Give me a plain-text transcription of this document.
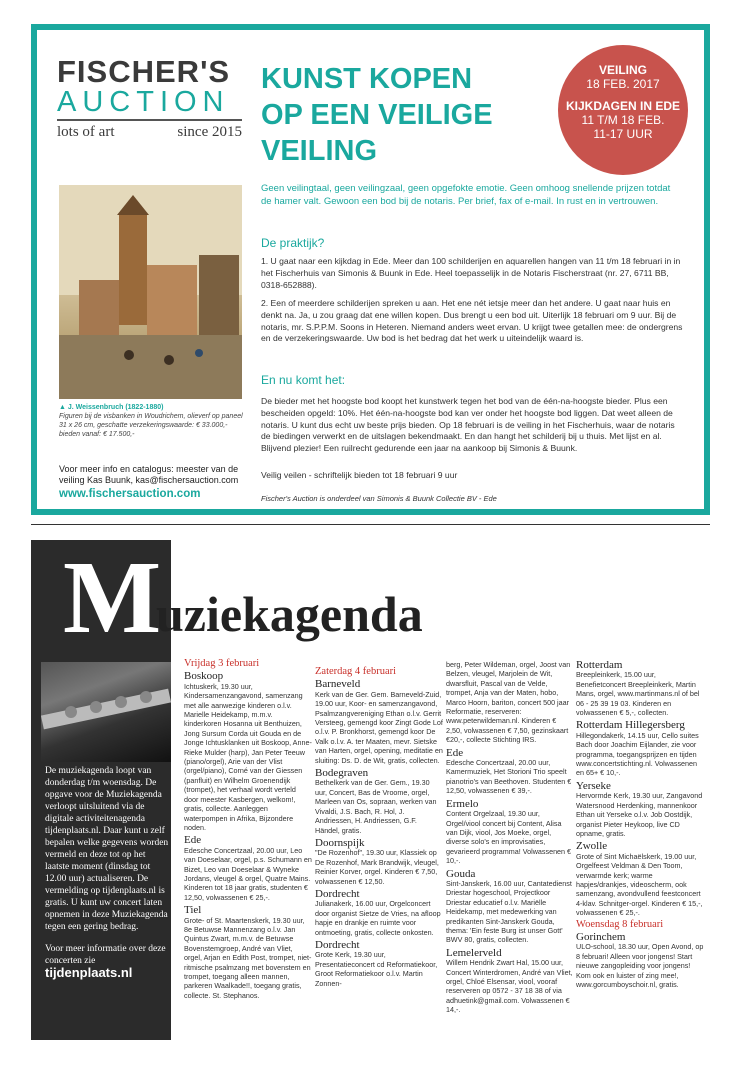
FISCHER'S
AUCTION
lots of art	since 2015
KUNST KOPEN
OP EEN VEILIGE
VEILING
VEILING
18 FEB. 2017
KIJKDAGEN IN EDE
11 T/M 18 FEB.
11-17 UUR
▲ J. Weissenbruch (1822-1880)
Figuren bij de visbanken in Woudrichem, olieverf op paneel 31 x 26 cm, geschatte verzekeringswaarde: € 33.000,- bieden vanaf: € 17.500,-
Voor meer info en catalogus: meester van de veiling Kas Buunk, kas@fischersauction.com
www.fischersauction.com
Geen veilingtaal, geen veilingzaal, geen opgefokte emotie. Geen omhoog snellende prijzen totdat de hamer valt. Gewoon een bod bij de notaris. Per brief, fax of e-mail. In rust en in vertrouwen.
De praktijk?
1. U gaat naar een kijkdag in Ede. Meer dan 100 schilderijen en aquarellen hangen van 11 t/m 18 februari in in het Fischerhuis van Simonis & Buunk in Ede. Heel toepasselijk in de Notaris Fischerstraat (nr. 27, 6711 BB, 0318-652888).
2. Een of meerdere schilderijen spreken u aan. Het ene nét ietsje meer dan het andere. U gaat naar huis en denkt na. Ja, u zou graag dat ene willen kopen. Dus brengt u een bod uit. Uiterlijk 18 februari om 9 uur. Bij de notaris, mr. S.P.P.M. Soons in Heteren. Niemand anders weet ervan. U krijgt twee getallen mee: de ondergrens en de verzekeringswaarde. Uw bod is het bedrag dat het werk u uiteindelijk waard is.
En nu komt het:
De bieder met het hoogste bod koopt het kunstwerk tegen het bod van de één-na-hoogste bieder. Plus een bescheiden opgeld: 10%. Het één-na-hoogste bod kan ver onder het hoogste bod liggen. Dat weet alleen de notaris. U kunt dus echt uw beste prijs bieden. Op 18 februari is de veiling in het Fischerhuis, waar de notaris de biedingen verwerkt en de uitslagen bekendmaakt. En dan hangt het schilderij bij u thuis. Met lijst en al. Blijvend plezier! Een ruilrecht gedurende een jaar na aankoop bij Simonis & Buunk.
Veilig veilen - schriftelijk bieden tot 18 februari 9 uur
Fischer's Auction is onderdeel van Simonis & Buunk Collectie BV - Ede
M
uziekagenda

De muziekagenda loopt van donderdag t/m woensdag. De opgave voor de Muziekagenda verloopt uitsluitend via de digitale activiteitenagenda tijdenplaats.nl. Daar kunt u zelf bepalen welke gegevens worden vermeld en deze tot op het laatste moment (dinsdag tot 12.00 uur) actualiseren. De vermelding op tijdenplaats.nl is gratis. U kunt uw concert laten opnemen in deze Muziekagenda tegen een gering bedrag.

Voor meer informatie over deze concerten zie

tijdenplaats.nl
Vrijdag 3 februari
Boskoop
Ichtuskerk, 19.30 uur, Kindersamenzangavond, samenzang met alle aanwezige kinderen o.l.v. Marielle Heidekamp, m.m.v. kinderkoren Hosanna uit Benthuizen, Jong Sursum Corda uit Gouda en de Jonge Ichtusklanken uit Boskoop, Anne-Rieke Mulder (harp), Jan Peter Teeuw (piano/orgel), Arie van der Vlist (orgel/piano), Corné van der Giessen (panfluit) en Wilhelm Groenendijk (trompet), het verhaal wordt verteld door meester Kasbergen, welkom!, gratis, collecte. Aanleggen waterpompen in Afrika, Bijzondere noden.
Ede
Edesche Concertzaal, 20.00 uur, Leo van Doeselaar, orgel, p.s. Schumann en Bizet, Leo van Doeselaar & Wyneke Jordans, vleugel & orgel, Quatre Mains. Kinderen tot 18 jaar gratis, studenten € 12,50, volwassenen € 25,-.
Tiel
Grote- of St. Maartenskerk, 19.30 uur, 8e Betuwse Mannenzang o.l.v. Jan Quintus Zwart, m.m.v. de Betuwse Bovenstemgroep, André van Vliet, orgel, Arjan en Edith Post, trompet, niet-ritmische psalmzang met bovenstem en trompet, toegang alleen mannen, parkeren Waalkade!!, toegang gratis, collecte. St. Stephanos.
Zaterdag 4 februari
Barneveld
Kerk van de Ger. Gem. Barneveld-Zuid, 19.00 uur, Koor- en samenzangavond, Psalmzangvereniging Ethan o.l.v. Gerrit Versteeg, gemengd koor Zingt Gode Lof o.l.v. P. Bronkhorst, gemengd koor De Valk o.l.v. A. ter Maaten, mevr. Sietske van Harten, orgel, opening, meditatie en sluiting: Ds. D. de Wit, gratis, collecten.
Bodegraven
Bethelkerk van de Ger. Gem., 19.30 uur, Concert, Bas de Vroome, orgel, Marleen van Os, sopraan, werken van Vivaldi, J.S. Bach, R. Hol, J. Andriessen, H. Andriessen, G.F. Händel, gratis.
Doornspijk
"De Rozenhof", 19.30 uur, Klassiek op De Rozenhof, Mark Brandwijk, vleugel, Reinier Korver, orgel. Kinderen € 7,50, volwassenen € 12,50.
Dordrecht
Julianakerk, 16.00 uur, Orgelconcert door organist Sietze de Vries, na afloop hapje en drankje en ruimte voor ontmoeting, gratis, collecte onkosten.
Dordrecht
Grote Kerk, 19.30 uur, Presentatieconcert cd Reformatiekoor, Groot Reformatiekoor o.l.v. Martin Zonnen-
berg, Peter Wildeman, orgel, Joost van Belzen, vleugel, Marjolein de Wit, dwarsfluit, Pascal van de Velde, trompet, Anja van der Maten, hobo, Marco Hoorn, bariton, concert 500 jaar Reformatie, reserveren: www.peterwildeman.nl. Kinderen € 2,50, volwassenen € 7,50, gezinskaart €20,-, collecte Stichting IRS.
Ede
Edesche Concertzaal, 20.00 uur, Kamermuziek, Het Storioni Trio speelt pianotrio's van Beethoven. Studenten € 12,50, volwassenen € 39,-.
Ermelo
Content Orgelzaal, 19.30 uur, Orgel/viool concert bij Content, Alisa van Dijk, viool, Jos Moeke, orgel, diverse solo's en improvisaties, gevarieerd programma! Volwassenen € 10,-.
Gouda
Sint-Janskerk, 16.00 uur, Cantatedienst Driestar hogeschool, Projectkoor Driestar educatief o.l.v. Mariëlle Heidekamp, met medewerking van predikanten Sint-Janskerk Gouda, thema: 'Ein feste Burg ist unser Gott' BWV 80, gratis, collecten.
Lemelerveld
Willem Hendrik Zwart Hal, 15.00 uur, Concert Winterdromen, André van Vliet, orgel, Chloé Elsensar, viool, vooraf reserveren op 0572 - 37 18 38 of via adhuetink@gmail.com. Volwassenen € 14,-.
Rotterdam
Breepleinkerk, 15.00 uur, Benefietconcert Breepleinkerk, Martin Mans, orgel, www.martinmans.nl of bel 06 - 25 39 19 03. Kinderen en volwassenen € 5,-, collecten.
Rotterdam Hillegersberg
Hillegondakerk, 14.15 uur, Cello suites Bach door Joachim Eijlander, zie voor programma, toegangsprijzen en tijden www.concertstichting.nl. Volwassenen en 65+ € 10,-.
Yerseke
Hervormde Kerk, 19.30 uur, Zangavond Watersnood Herdenking, mannenkoor Ethan uit Yerseke o.l.v. Job Oostdijk, organist Pieter Heykoop, live CD opname, gratis.
Zwolle
Grote of Sint Michaëlskerk, 19.00 uur, Orgelfeest Veldman & Den Toom, verwarmde kerk; warme hapjes/drankjes, videoscherm, ook samenzang, avondvullend feestconcert 4-klav. Schnitger-orgel. Kinderen € 15,-, volwassenen € 25,-.
Woensdag 8 februari
Gorinchem
ULO-school, 18.30 uur, Open Avond, op 8 februari! Alleen voor jongens! Start nieuwe zangopleiding voor jongens! Kom ook en luister of zing mee!, www.gorcumboyschoir.nl, gratis.
